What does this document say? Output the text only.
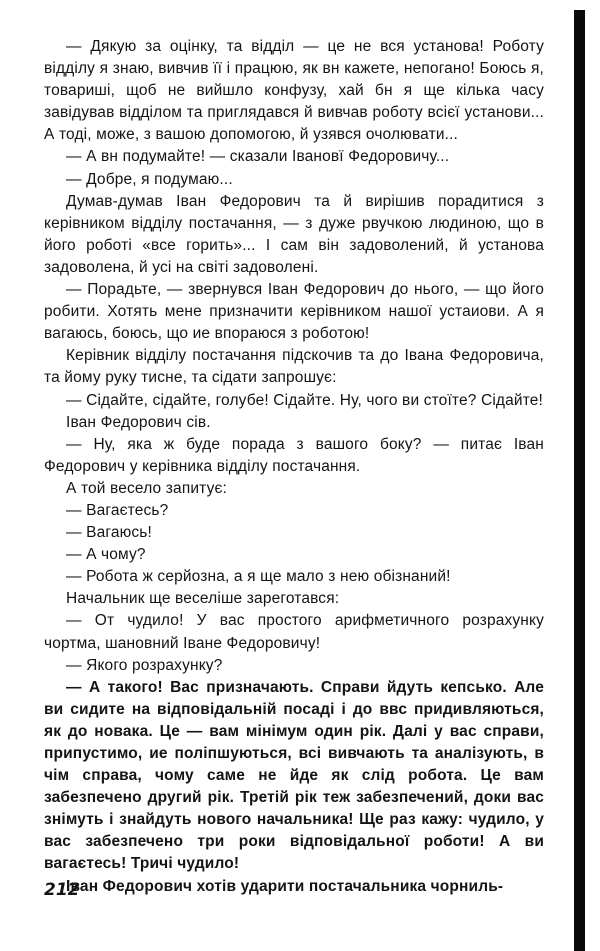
— Дякую за оцінку, та відділ — це не вся установа! Роботу відділу я знаю, вивчив її і працюю, як вн кажете, непогано! Боюсь я, товариші, щоб не вийшло конфузу, хай бн я ще кілька часу завідував відділом та приглядався й вивчав роботу всієї установи... А тоді, може, з вашою допомогою, й узявся очолювати...

— А вн подумайте! — сказали Івановї Федоровичу...

— Добре, я подумаю...

Думав-думав Іван Федорович та й вирішив порадитися з керівником відділу постачання, — з дуже рвучкою людиною, що в його роботі «все горить»... І сам він задоволений, й установа задоволена, й усі на світі задоволені.

— Порадьте, — звернувся Іван Федорович до нього, — що його робити. Хотять мене призначити керівником нашої устаиови. А я вагаюсь, боюсь, що ие впораюся з роботою!

Керівник відділу постачання підскочив та до Івана Федоровича, та йому руку тисне, та сідати запрошує:

— Сідайте, сідайте, голубе! Сідайте. Ну, чого ви стоїте? Сідайте!

Іван Федорович сів.

— Ну, яка ж буде порада з вашого боку? — питає Іван Федорович у керівника відділу постачання.

А той весело запитує:

— Вагаєтесь?

— Вагаюсь!

— А чому?

— Робота ж серйозна, а я ще мало з нею обізнаний!

Начальник ще веселіше зареготався:

— От чудило! У вас простого арифметичного розрахунку чортма, шановний Іване Федоровичу!

— Якого розрахунку?

— А такого! Вас призначають. Справи йдуть кепсько. Але ви сидите на відповідальній посаді і до ввс придивляються, як до новака. Це — вам мінімум один рік. Далі у вас справи, припустимо, ие поліпшуються, всі вивчають та аналізують, в чім справа, чому саме не йде як слід робота. Це вам забезпечено другий рік. Третій рік теж забезпечений, доки вас знімуть і знайдуть нового начальника! Ще раз кажу: чудило, у вас забезпечено три роки відповідальної роботи! А ви вагаєтесь! Тричі чудило!

Іван Федорович хотів ударити постачальника чорниль-

212
